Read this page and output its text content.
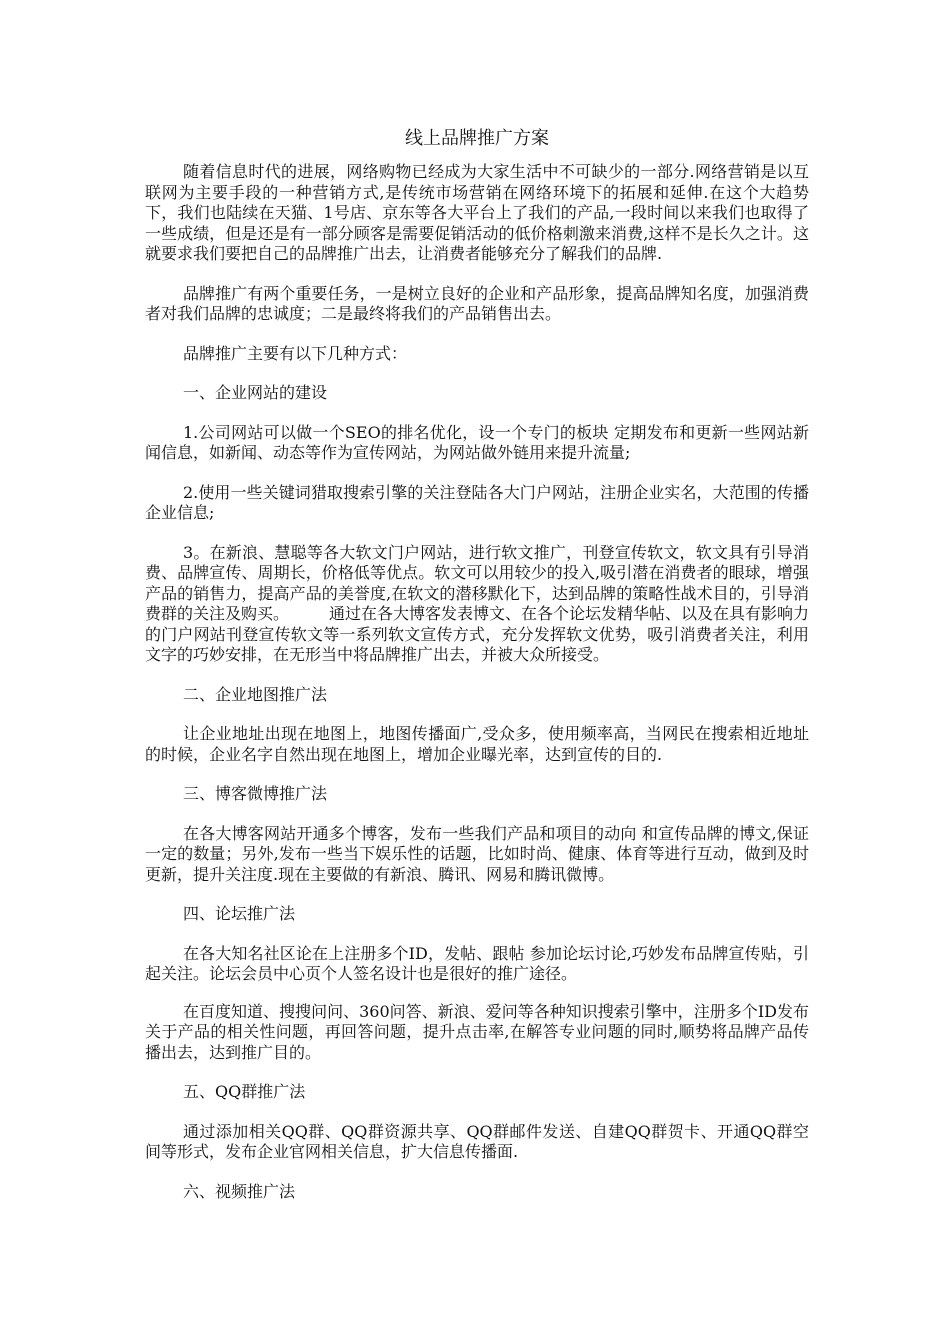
线上品牌推广方案

随着信息时代的进展，网络购物已经成为大家生活中不可缺少的一部分.网络营销是以互联网为主要手段的一种营销方式,是传统市场营销在网络环境下的拓展和延伸.在这个大趋势下，我们也陆续在天猫、1号店、京东等各大平台上了我们的产品,一段时间以来我们也取得了一些成绩，但是还是有一部分顾客是需要促销活动的低价格刺激来消费,这样不是长久之计。这就要求我们要把自己的品牌推广出去，让消费者能够充分了解我们的品牌.

品牌推广有两个重要任务，一是树立良好的企业和产品形象，提高品牌知名度，加强消费者对我们品牌的忠诚度；二是最终将我们的产品销售出去。

品牌推广主要有以下几种方式：

一、企业网站的建设

1.公司网站可以做一个SEO的排名优化，设一个专门的板块 定期发布和更新一些网站新闻信息，如新闻、动态等作为宣传网站，为网站做外链用来提升流量;

2.使用一些关键词猎取搜索引擎的关注登陆各大门户网站，注册企业实名，大范围的传播企业信息;

3。在新浪、慧聪等各大软文门户网站，进行软文推广，刊登宣传软文，软文具有引导消费、品牌宣传、周期长，价格低等优点。软文可以用较少的投入,吸引潜在消费者的眼球，增强产品的销售力，提高产品的美誉度,在软文的潜移默化下，达到品牌的策略性战术目的，引导消费群的关注及购买。　　　通过在各大博客发表博文、在各个论坛发精华帖、以及在具有影响力的门户网站刊登宣传软文等一系列软文宣传方式，充分发挥软文优势，吸引消费者关注，利用文字的巧妙安排，在无形当中将品牌推广出去，并被大众所接受。

二、企业地图推广法

让企业地址出现在地图上，地图传播面广,受众多，使用频率高，当网民在搜索相近地址的时候，企业名字自然出现在地图上，增加企业曝光率，达到宣传的目的.

三、博客微博推广法

在各大博客网站开通多个博客，发布一些我们产品和项目的动向 和宣传品牌的博文,保证一定的数量；另外,发布一些当下娱乐性的话题，比如时尚、健康、体育等进行互动，做到及时更新，提升关注度.现在主要做的有新浪、腾讯、网易和腾讯微博。

四、论坛推广法

在各大知名社区论在上注册多个ID，发帖、跟帖 参加论坛讨论,巧妙发布品牌宣传贴，引起关注。论坛会员中心页个人签名设计也是很好的推广途径。

在百度知道、搜搜问问、360问答、新浪、爱问等各种知识搜索引擎中，注册多个ID发布关于产品的相关性问题，再回答问题，提升点击率,在解答专业问题的同时,顺势将品牌产品传播出去，达到推广目的。

五、QQ群推广法

通过添加相关QQ群、QQ群资源共享、QQ群邮件发送、自建QQ群贺卡、开通QQ群空间等形式，发布企业官网相关信息，扩大信息传播面.

六、视频推广法
